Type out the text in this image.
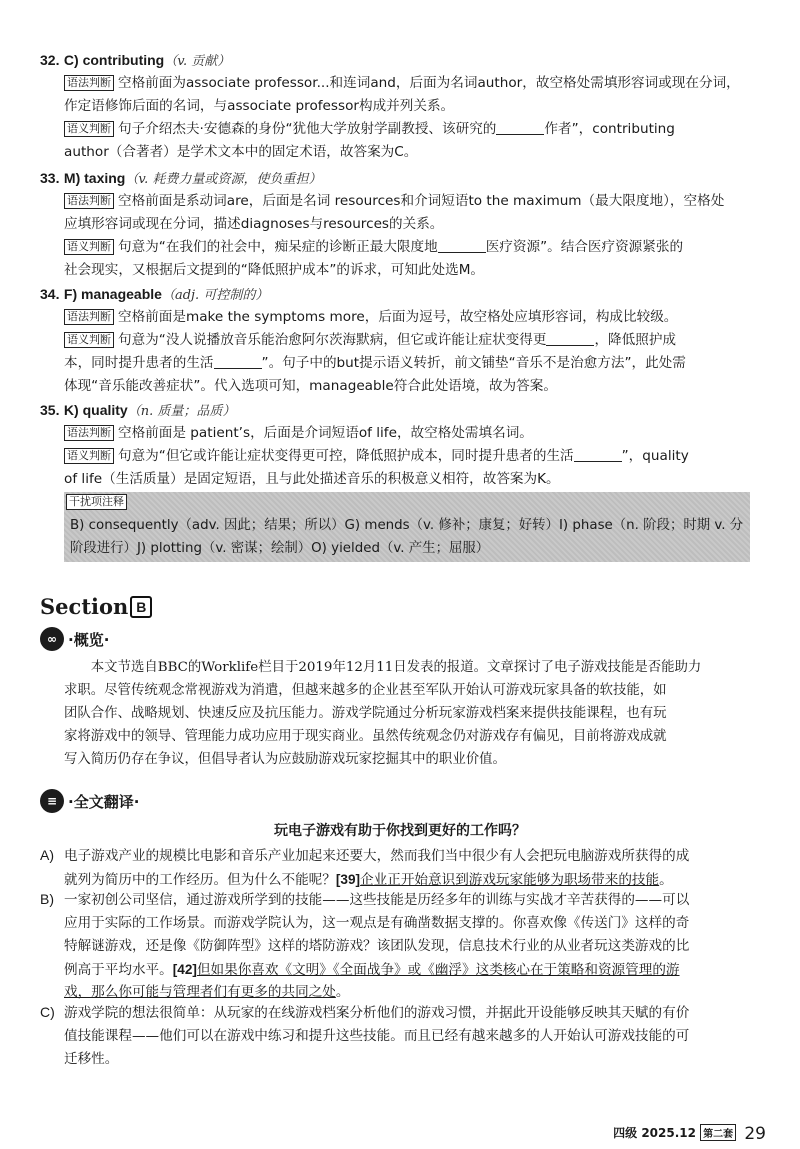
32. C) contributing（v. 贡献）
语法判断 空格前面为associate professor...和连词and，后面为名词author，故空格处需填形容词或现在分词，
作定语修饰后面的名词，与associate professor构成并列关系。
语义判断 句子介绍杰夫·安德森的身份“犹他大学放射学副教授、该研究的	作者”，contributing
author（合著者）是学术文本中的固定术语，故答案为C。
33. M) taxing（v. 耗费力量或资源，使负重担）
语法判断 空格前面是系动词are，后面是名词 resources和介词短语to the maximum（最大限度地），空格处
应填形容词或现在分词，描述diagnoses与resources的关系。
语义判断 句意为“在我们的社会中，痴呆症的诊断正最大限度地	医疗资源”。结合医疗资源紧张的
社会现实，又根据后文提到的“降低照护成本”的诉求，可知此处选M。
34. F) manageable（adj. 可控制的）
语法判断 空格前面是make the symptoms more，后面为逗号，故空格处应填形容词，构成比较级。
语义判断 句意为“没人说播放音乐能治愈阿尔茨海默病，但它或许能让症状变得更	，降低照护成
本，同时提升患者的生活	”。句子中的but提示语义转折，前文铺垫“音乐不是治愈方法”，此处需
体现“音乐能改善症状”。代入选项可知，manageable符合此处语境，故为答案。
35. K) quality（n. 质量；品质）
语法判断 空格前面是 patient’s，后面是介词短语of life，故空格处需填名词。
语义判断 句意为“但它或许能让症状变得更可控，降低照护成本，同时提升患者的生活	”，quality
of life（生活质量）是固定短语，且与此处描述音乐的积极意义相符，故答案为K。
干扰项注释
B) consequently（adv. 因此；结果；所以）G) mends（v. 修补；康复；好转）I) phase（n. 阶段；时期 v. 分
阶段进行）J) plotting（v. 密谋；绘制）O) yielded（v. 产生；屈服）
Section B
∞ ·概览·
本文节选自BBC的Worklife栏目于2019年12月11日发表的报道。文章探讨了电子游戏技能是否能助力
求职。尽管传统观念常视游戏为消遣，但越来越多的企业甚至军队开始认可游戏玩家具备的软技能，如
团队合作、战略规划、快速反应及抗压能力。游戏学院通过分析玩家游戏档案来提供技能课程，也有玩
家将游戏中的领导、管理能力成功应用于现实商业。虽然传统观念仍对游戏存有偏见，目前将游戏成就
写入简历仍存在争议，但倡导者认为应鼓励游戏玩家挖掘其中的职业价值。
≡ ·全文翻译·
玩电子游戏有助于你找到更好的工作吗？
A) 电子游戏产业的规模比电影和音乐产业加起来还要大，然而我们当中很少有人会把玩电脑游戏所获得的成
就列为简历中的工作经历。但为什么不能呢？[39]企业正开始意识到游戏玩家能够为职场带来的技能。
B) 一家初创公司坚信，通过游戏所学到的技能——这些技能是历经多年的训练与实战才辛苦获得的——可以
应用于实际的工作场景。而游戏学院认为，这一观点是有确凿数据支撑的。你喜欢像《传送门》这样的奇
特解谜游戏，还是像《防御阵型》这样的塔防游戏？该团队发现，信息技术行业的从业者玩这类游戏的比
例高于平均水平。[42]但如果你喜欢《文明》《全面战争》或《幽浮》这类核心在于策略和资源管理的游
戏，那么你可能与管理者们有更多的共同之处。
C) 游戏学院的想法很简单：从玩家的在线游戏档案分析他们的游戏习惯，并据此开设能够反映其天赋的有价
值技能课程——他们可以在游戏中练习和提升这些技能。而且已经有越来越多的人开始认可游戏技能的可
迁移性。
四级 2025.12 第二套 29
